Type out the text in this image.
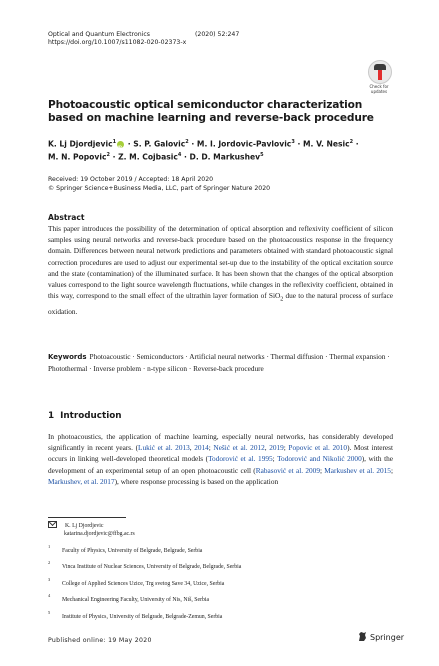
Optical and Quantum Electronics	(2020) 52:247
https://doi.org/10.1007/s11082-020-02373-x
Check for
updates
Photoacoustic optical semiconductor characterization based on machine learning and reverse-back procedure
K. Lj Djordjevic$^1$iD · S. P. Galovic$^2$ · M. I. Jordovic-Pavlovic$^3$ · M. V. Nesic$^2$ ·
M. N. Popovic$^2$ · Z. M. Cojbasic$^4$ · D. D. Markushev$^5$
Received: 19 October 2019 / Accepted: 18 April 2020
© Springer Science+Business Media, LLC, part of Springer Nature 2020
Abstract
This paper introduces the possibility of the determination of optical absorption and reflexivity coefficient of silicon samples using neural networks and reverse-back procedure based on the photoacoustics response in the frequency domain. Differences between neural network predictions and parameters obtained with standard photoacoustic signal correction procedures are used to adjust our experimental set-up due to the instability of the optical excitation source and the state (contamination) of the illuminated surface. It has been shown that the changes of the optical absorption values correspond to the light source wavelength fluctuations, while changes in the reflexivity coefficient, obtained in this way, correspond to the small effect of the ultrathin layer formation of SiO$_2$ due to the natural process of surface oxidation.
Keywords Photoacoustic · Semiconductors · Artificial neural networks · Thermal diffusion · Thermal expansion · Photothermal · Inverse problem · n-type silicon · Reverse-back procedure
1 Introduction
In photoacoustics, the application of machine learning, especially neural networks, has considerably developed significantly in recent years. (Lukić et al. 2013, 2014; Nešić et al. 2012, 2019; Popovic et al. 2010). Most interest occurs in linking well-developed theoretical models (Todorović et al. 1995; Todorović and Nikolić 2000), with the development of an experimental setup of an open photoacoustic cell (Rabasović et al. 2009; Markushev et al. 2015; Markushev, et al. 2017), where response processing is based on the application
K. Lj Djordjevic
katarina.djordjevic@ffbg.ac.rs
1
Faculty of Physics, University of Belgrade, Belgrade, Serbia
2
Vinca Institute of Nuclear Sciences, University of Belgrade, Belgrade, Serbia
3
College of Applied Sciences Uzice, Trg svetog Save 34, Uzice, Serbia
4
Mechanical Engineering Faculty, University of Nis, Niš, Serbia
5
Institute of Physics, University of Belgrade, Belgrade-Zemun, Serbia
Published online: 19 May 2020	Springer
